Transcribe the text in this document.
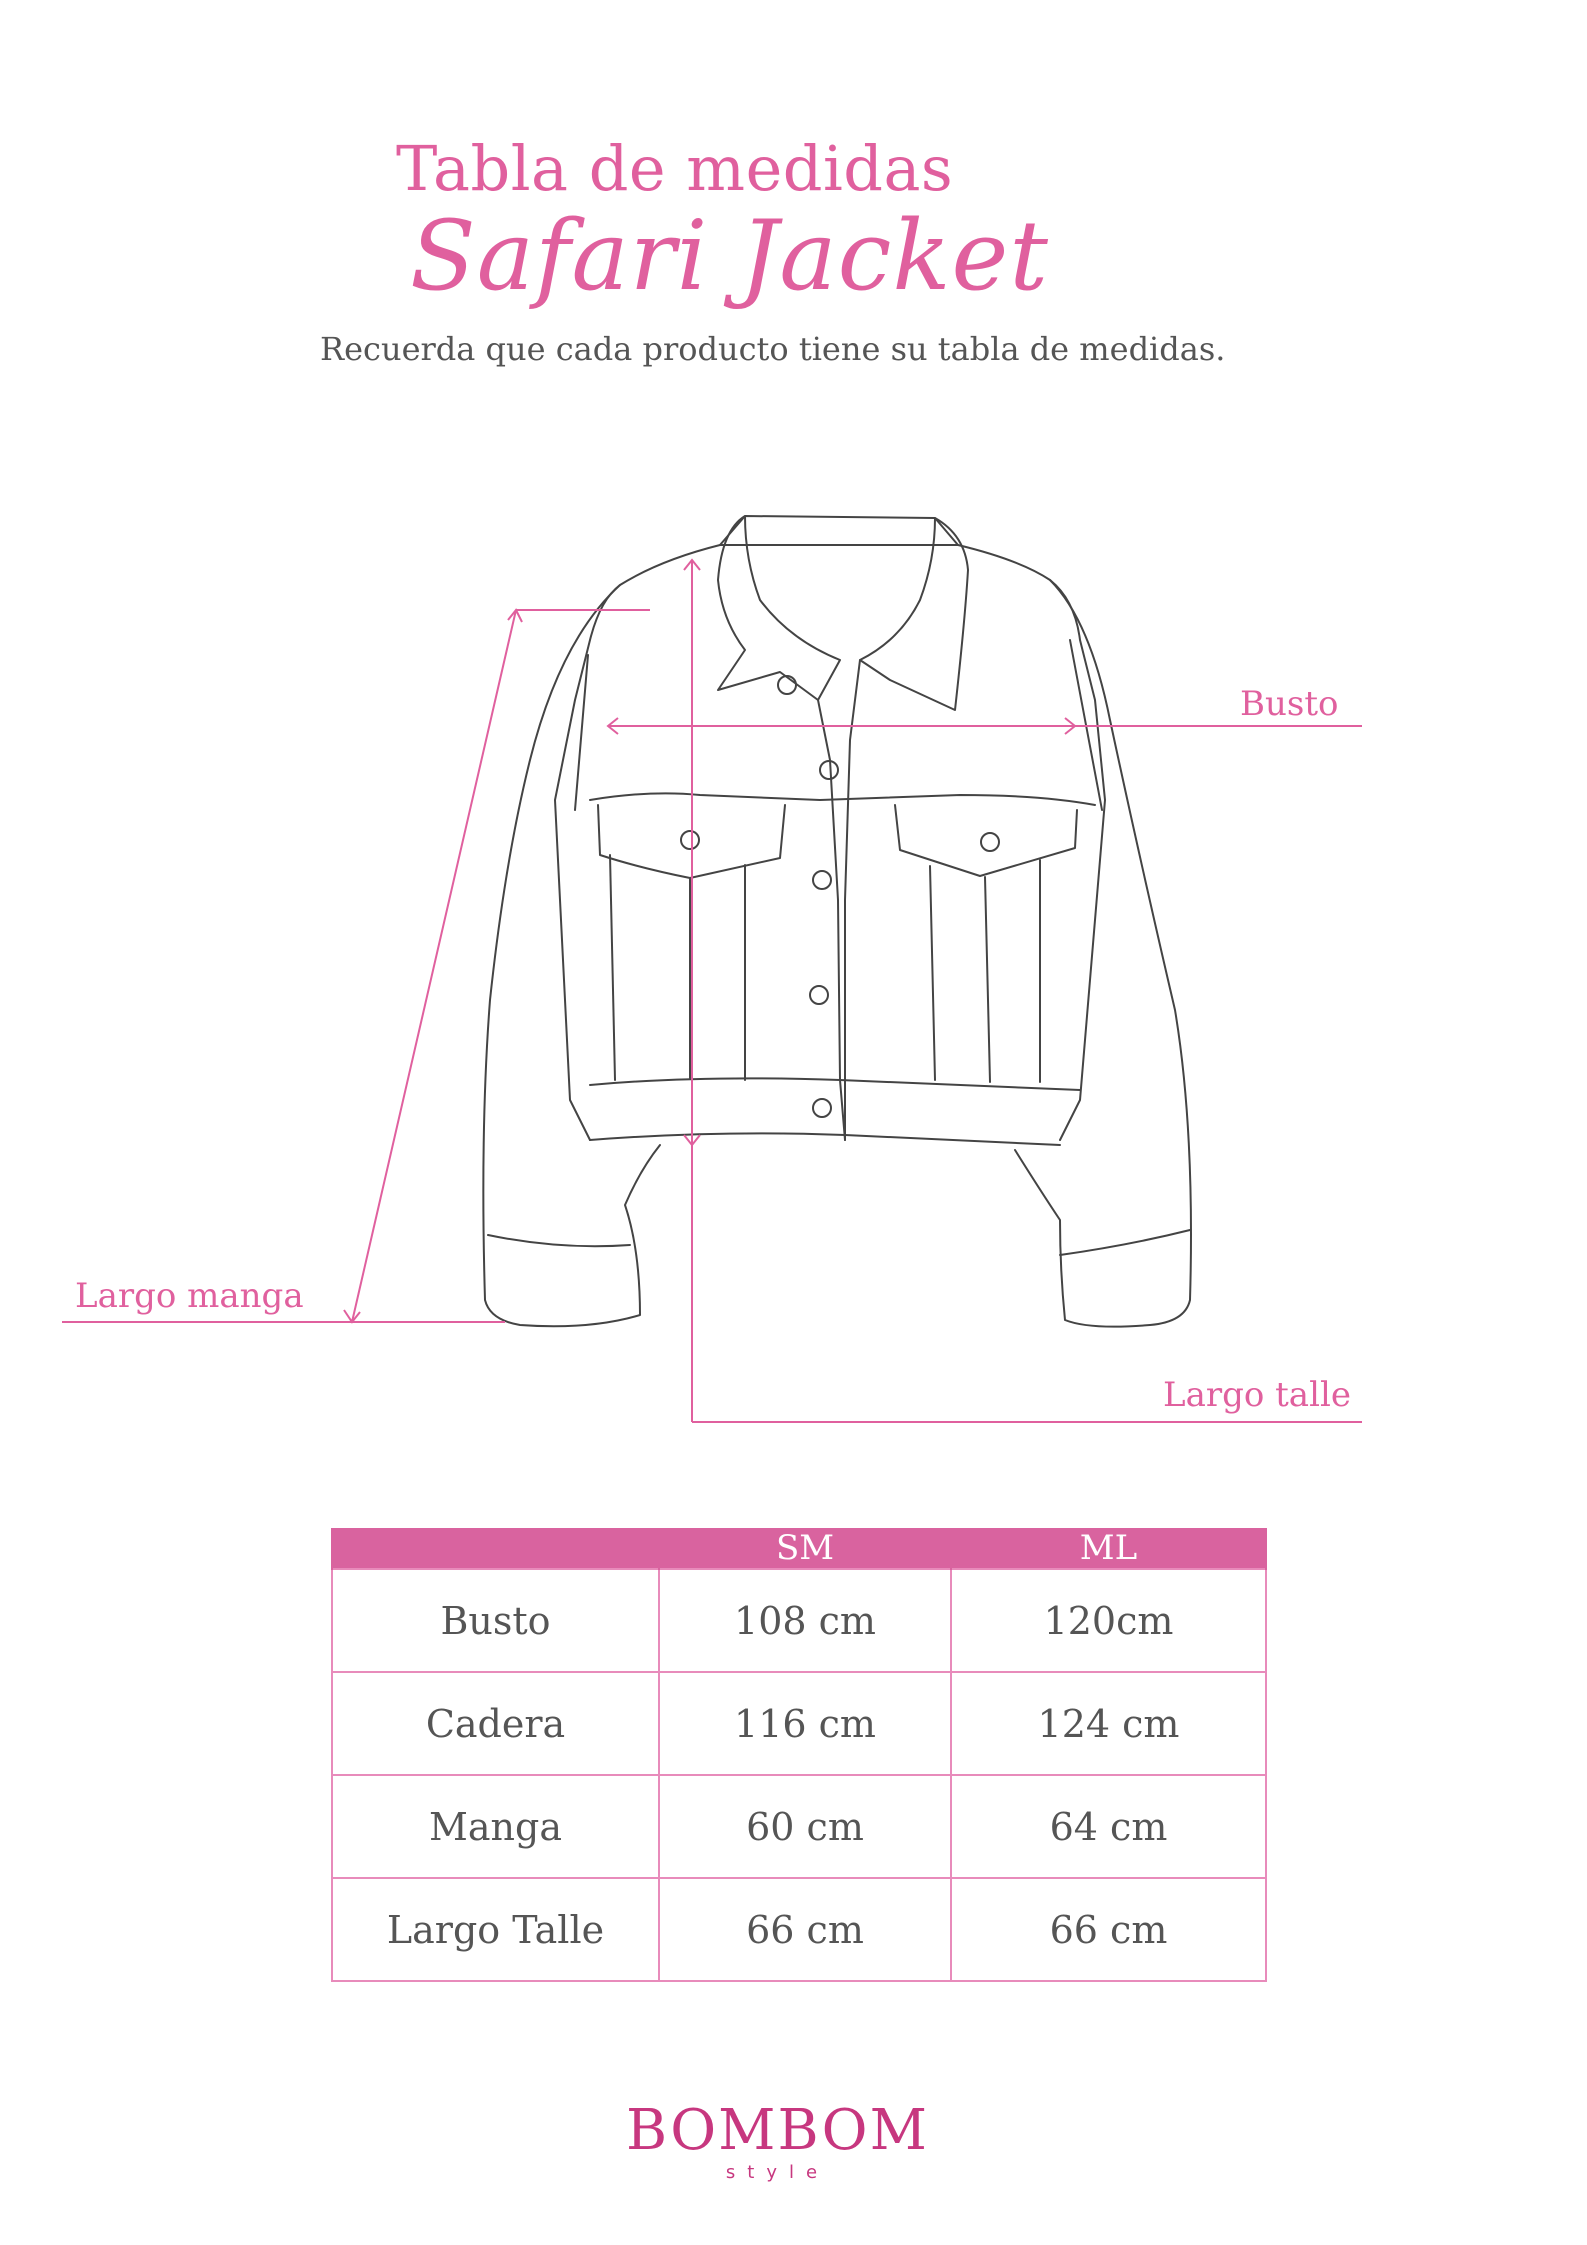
Tabla de medidas
Safari Jacket
Recuerda que cada producto tiene su tabla de medidas.
Busto
Largo manga
Largo talle
	SM	ML
Busto	108 cm	120cm
Cadera	116 cm	124 cm
Manga	60 cm	64 cm
Largo Talle	66 cm	66 cm
BOMBOM
style
